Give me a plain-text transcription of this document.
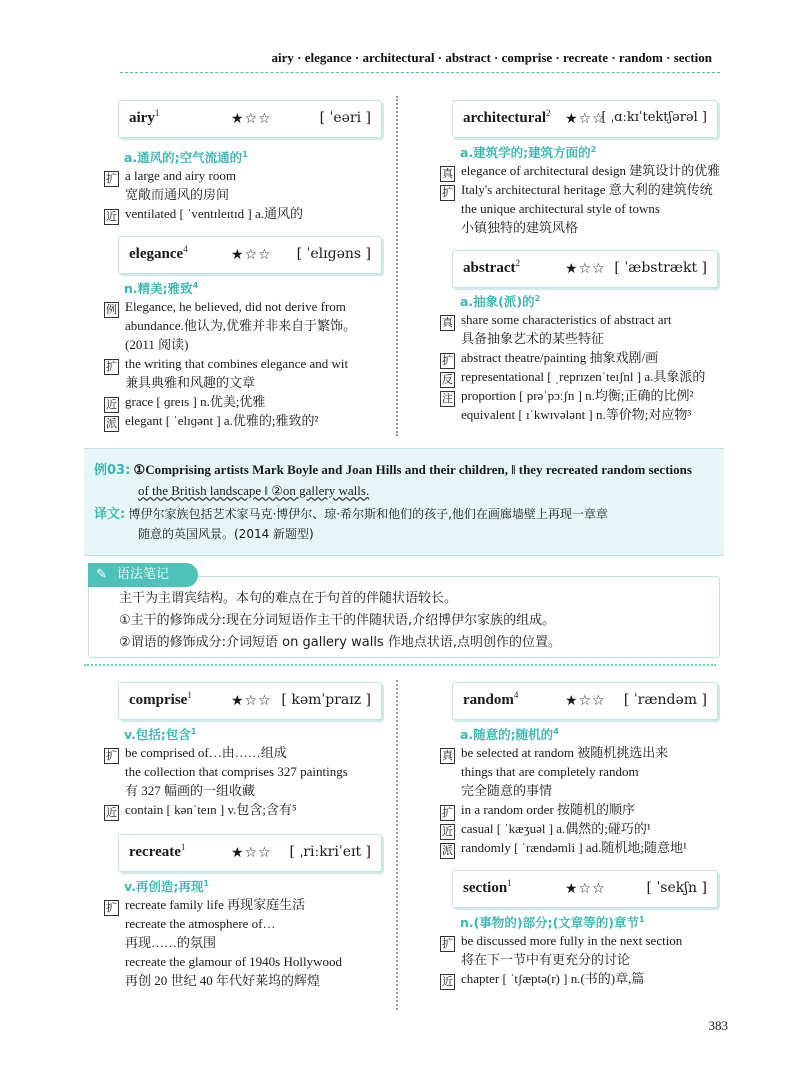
airy · elegance · architectural · abstract · comprise · recreate · random · section
airy$^1$	★☆☆	[ ˈeəri ]
a.通风的;空气流通的$^1$
扩 a large and airy room
宽敞而通风的房间
近 ventilated [ ˈventɪleɪtɪd ] a.通风的
elegance$^4$	★☆☆ [ ˈelɪɡəns ]
n.精美;雅致$^4$
例 Elegance, he believed, did not derive from
abundance.他认为,优雅并非来自于繁饰。
(2011 阅读)
扩 the writing that combines elegance and wit
兼具典雅和风趣的文章
近 grace [ ɡreɪs ] n.优美;优雅
派 elegant [ ˈelɪɡənt ] a.优雅的;雅致的²
architectural$^2$ ★☆☆
[ ˌɑːkɪˈtektʃərəl ]
a.建筑学的;建筑方面的$^2$
真 elegance of architectural design 建筑设计的优雅
扩 Italy's architectural heritage 意大利的建筑传统
the unique architectural style of towns
小镇独特的建筑风格
abstract$^2$	★☆☆ [ ˈæbstrækt ]
a.抽象(派)的$^2$
真 share some characteristics of abstract art
具备抽象艺术的某些特征
扩 abstract theatre/painting 抽象戏剧/画
反 representational [ ˌreprɪzenˈteɪʃnl ] a.具象派的
注 proportion [ prəˈpɔːʃn ] n.均衡;正确的比例²
equivalent [ ɪˈkwɪvələnt ] n.等价物;对应物³
例03: ①Comprising artists Mark Boyle and Joan Hills and their children, ‖ they recreated random sections
of the British landscape ‖ ②on gallery walls.
译文: 博伊尔家族包括艺术家马克·博伊尔、琼·希尔斯和他们的孩子,他们在画廊墙壁上再现一章章
随意的英国风景。(2014 新题型)
主干为主谓宾结构。本句的难点在于句首的伴随状语较长。
①主干的修饰成分:现在分词短语作主干的伴随状语,介绍博伊尔家族的组成。
②谓语的修饰成分:介词短语 on gallery walls 作地点状语,点明创作的位置。
✎ 语法笔记
comprise$^1$	★☆☆ [ kəmˈpraɪz ]
v.包括;包含$^1$
扩 be comprised of…由……组成
the collection that comprises 327 paintings
有 327 幅画的一组收藏
近 contain [ kənˈteɪn ] v.包含;含有⁵
recreate$^1$	★☆☆ [ ˌriːkriˈeɪt ]
v.再创造;再现$^1$
扩 recreate family life 再现家庭生活
recreate the atmosphere of…
再现……的氛围
recreate the glamour of 1940s Hollywood
再创 20 世纪 40 年代好莱坞的辉煌
random$^4$	★☆☆ [ ˈrændəm ]
a.随意的;随机的$^4$
真 be selected at random 被随机挑选出来
things that are completely random
完全随意的事情
扩 in a random order 按随机的顺序
近 casual [ ˈkæʒuəl ] a.偶然的;碰巧的¹
派 randomly [ ˈrændəmli ] ad.随机地;随意地¹
section$^1$	★☆☆	[ ˈsekʃn ]
n.(事物的)部分;(文章等的)章节$^1$
扩 be discussed more fully in the next section
将在下一节中有更充分的讨论
近 chapter [ ˈtʃæptə(r) ] n.(书的)章,篇
383
